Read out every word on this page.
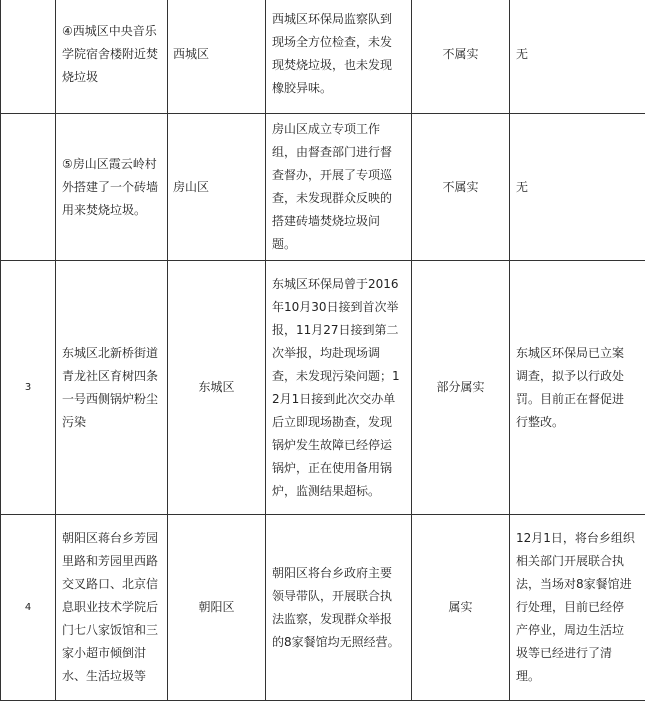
	④西城区中央音乐学院宿舍楼附近焚烧垃圾	西城区	西城区环保局监察队到现场全方位检查，未发现焚烧垃圾，也未发现橡胶异味。	不属实	无
	⑤房山区霞云岭村外搭建了一个砖墙用来焚烧垃圾。	房山区	房山区成立专项工作组，由督查部门进行督查督办，开展了专项巡查，未发现群众反映的搭建砖墙焚烧垃圾问题。	不属实	无
3	东城区北新桥街道青龙社区育树四条一号西侧锅炉粉尘污染	东城区	东城区环保局曾于2016年10月30日接到首次举报，11月27日接到第二次举报，均赴现场调查，未发现污染问题；12月1日接到此次交办单后立即现场勘查，发现锅炉发生故障已经停运锅炉，正在使用备用锅炉，监测结果超标。	部分属实	东城区环保局已立案调查，拟予以行政处罚。目前正在督促进行整改。
4	朝阳区蒋台乡芳园里路和芳园里西路交叉路口、北京信息职业技术学院后门七八家饭馆和三家小超市倾倒泔水、生活垃圾等	朝阳区	朝阳区将台乡政府主要领导带队，开展联合执法监察，发现群众举报的8家餐馆均无照经营。	属实	12月1日，将台乡组织相关部门开展联合执法，当场对8家餐馆进行处理，目前已经停产停业，周边生活垃圾等已经进行了清理。
